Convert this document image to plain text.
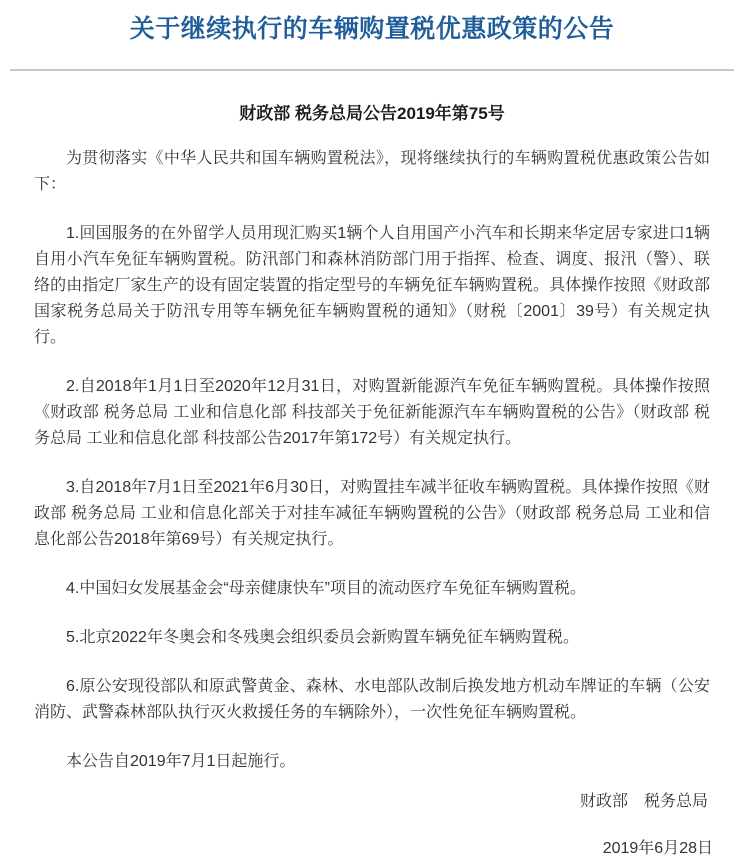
关于继续执行的车辆购置税优惠政策的公告
财政部 税务总局公告2019年第75号

为贯彻落实《中华人民共和国车辆购置税法》，现将继续执行的车辆购置税优惠政策公告如下：

1.回国服务的在外留学人员用现汇购买1辆个人自用国产小汽车和长期来华定居专家进口1辆自用小汽车免征车辆购置税。防汛部门和森林消防部门用于指挥、检查、调度、报汛（警）、联络的由指定厂家生产的设有固定装置的指定型号的车辆免征车辆购置税。具体操作按照《财政部 国家税务总局关于防汛专用等车辆免征车辆购置税的通知》（财税〔2001〕39号）有关规定执行。

2.自2018年1月1日至2020年12月31日，对购置新能源汽车免征车辆购置税。具体操作按照《财政部 税务总局 工业和信息化部 科技部关于免征新能源汽车车辆购置税的公告》（财政部 税务总局 工业和信息化部 科技部公告2017年第172号）有关规定执行。

3.自2018年7月1日至2021年6月30日，对购置挂车减半征收车辆购置税。具体操作按照《财政部 税务总局 工业和信息化部关于对挂车减征车辆购置税的公告》（财政部 税务总局 工业和信息化部公告2018年第69号）有关规定执行。

4.中国妇女发展基金会“母亲健康快车”项目的流动医疗车免征车辆购置税。

5.北京2022年冬奥会和冬残奥会组织委员会新购置车辆免征车辆购置税。

6.原公安现役部队和原武警黄金、森林、水电部队改制后换发地方机动车牌证的车辆（公安消防、武警森林部队执行灭火救援任务的车辆除外），一次性免征车辆购置税。

本公告自2019年7月1日起施行。

财政部　税务总局
2019年6月28日
